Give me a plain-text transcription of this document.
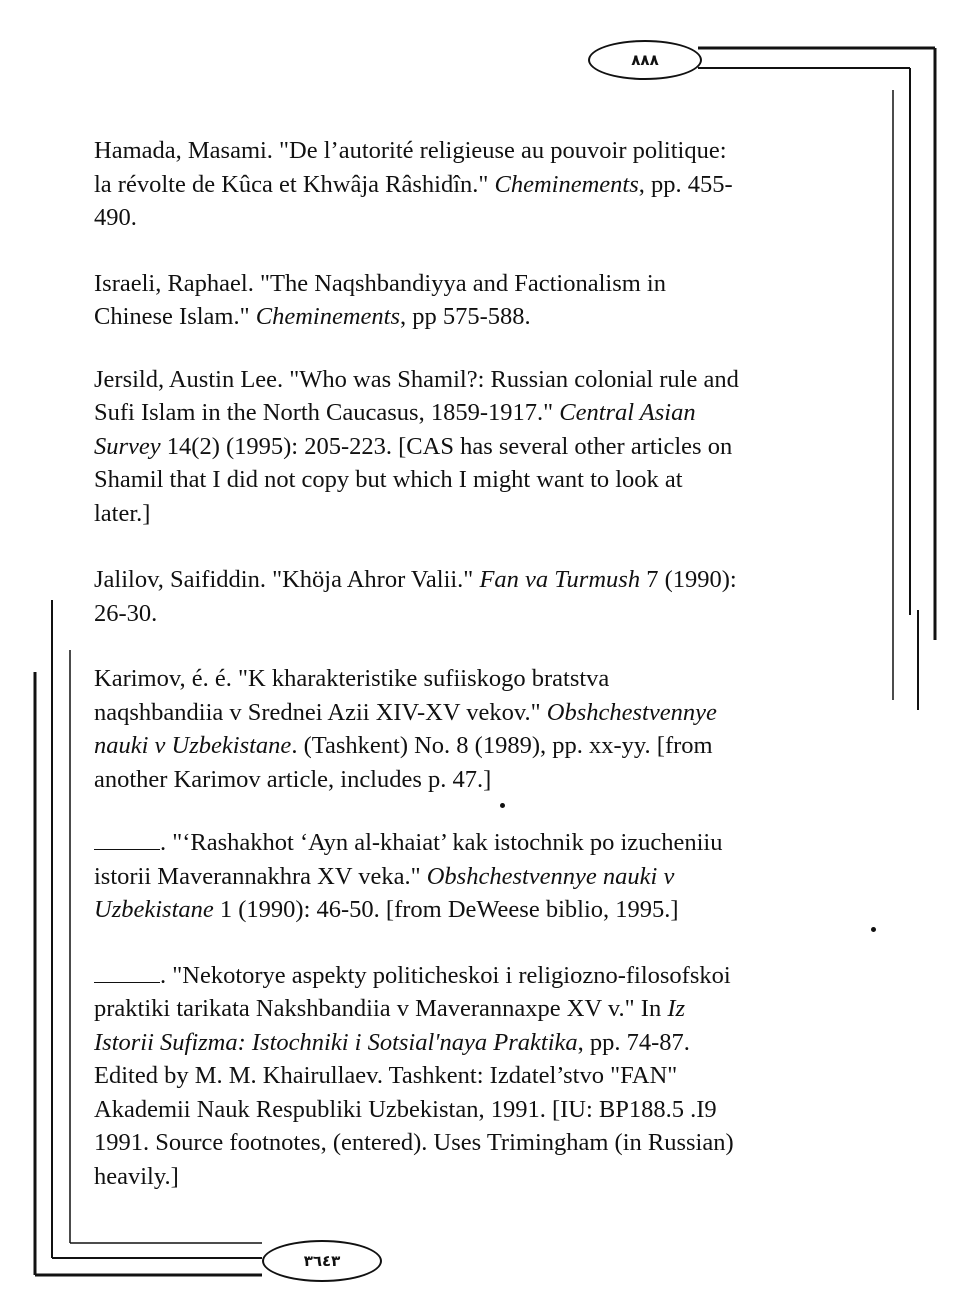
٨٨٨
٣٦٤٣

Hamada, Masami. "De l’autorité religieuse au pouvoir politique:
la révolte de Kûca et Khwâja Râshidîn." Cheminements, pp. 455-
490.

Israeli, Raphael. "The Naqshbandiyya and Factionalism in
Chinese Islam." Cheminements, pp 575-588.

Jersild, Austin Lee. "Who was Shamil?: Russian colonial rule and
Sufi Islam in the North Caucasus, 1859-1917." Central Asian
Survey 14(2) (1995): 205-223. [CAS has several other articles on
Shamil that I did not copy but which I might want to look at
later.]

Jalilov, Saifiddin. "Khöja Ahror Valii." Fan va Turmush 7 (1990):
26-30.

Karimov, é. é. "K kharakteristike sufiiskogo bratstva
naqshbandiia v Srednei Azii XIV-XV vekov." Obshchestvennye
nauki v Uzbekistane. (Tashkent) No. 8 (1989), pp. xx-yy. [from
another Karimov article, includes p. 47.]

. "‘Rashakhot ‘Ayn al-khaiat’ kak istochnik po izucheniiu
istorii Maverannakhra XV veka." Obshchestvennye nauki v
Uzbekistane 1 (1990): 46-50. [from DeWeese biblio, 1995.]

. "Nekotorye aspekty politicheskoi i religiozno-filosofskoi
praktiki tarikata Nakshbandiia v Maverannaxpe XV v." In Iz
Istorii Sufizma: Istochniki i Sotsial'naya Praktika, pp. 74-87.
Edited by M. M. Khairullaev. Tashkent: Izdatel’stvo "FAN"
Akademii Nauk Respubliki Uzbekistan, 1991. [IU: BP188.5 .I9
1991. Source footnotes, (entered). Uses Trimingham (in Russian)
heavily.]
